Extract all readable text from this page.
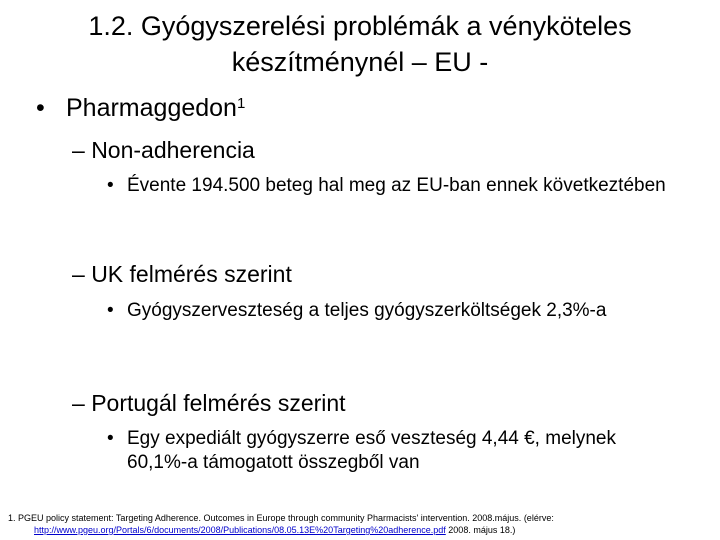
1.2. Gyógyszerelési problémák a vényköteles
készítménynél – EU -
• Pharmaggedon$^1$
– Non-adherencia
• Évente 194.500 beteg hal meg az EU-ban ennek következtében
– UK felmérés szerint
• Gyógyszerveszteség a teljes gyógyszerköltségek 2,3%-a
– Portugál felmérés szerint
• Egy expediált gyógyszerre eső veszteség 4,44 €, melynek 60,1%-a támogatott összegből van
1. PGEU policy statement: Targeting Adherence. Outcomes in Europe through community Pharmacists' intervention. 2008.május. (elérve:
http://www.pgeu.org/Portals/6/documents/2008/Publications/08.05.13E%20Targeting%20adherence.pdf 2008. május 18.)
